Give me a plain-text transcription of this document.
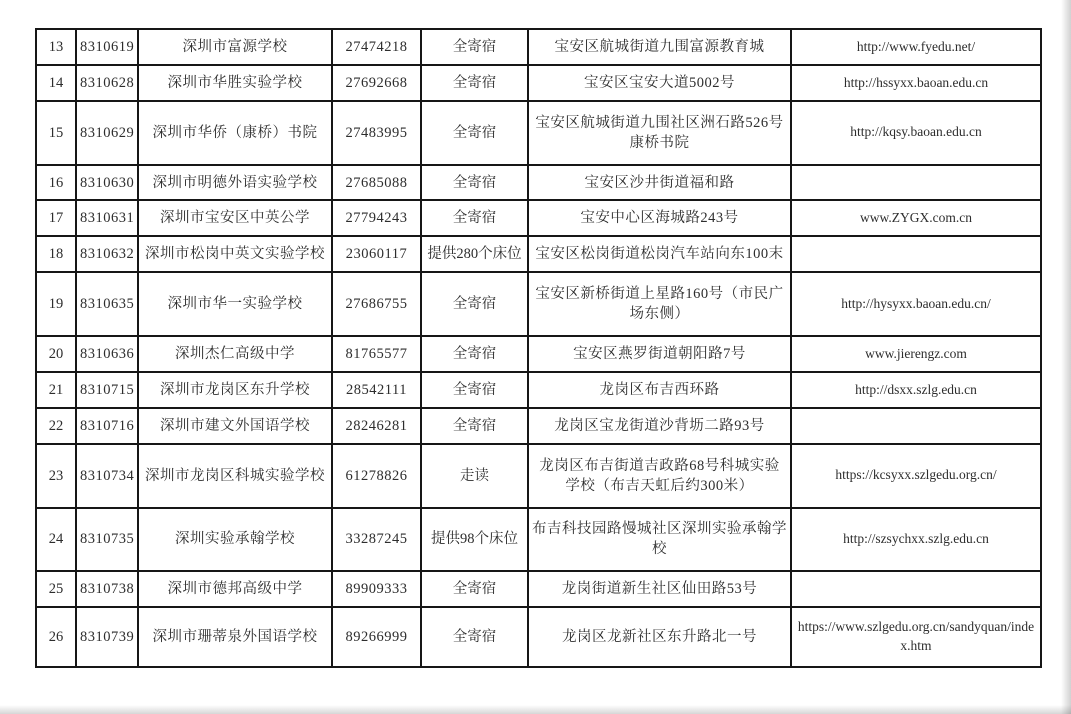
13	8310619	深圳市富源学校	27474218	全寄宿	宝安区航城街道九围富源教育城	http://www.fyedu.net/
14	8310628	深圳市华胜实验学校	27692668	全寄宿	宝安区宝安大道5002号	http://hssyxx.baoan.edu.cn
15	8310629	深圳市华侨（康桥）书院	27483995	全寄宿	宝安区航城街道九围社区洲石路526号康桥书院	http://kqsy.baoan.edu.cn
16	8310630	深圳市明德外语实验学校	27685088	全寄宿	宝安区沙井街道福和路	
17	8310631	深圳市宝安区中英公学	27794243	全寄宿	宝安中心区海城路243号	www.ZYGX.com.cn
18	8310632	深圳市松岗中英文实验学校	23060117	提供280个床位	宝安区松岗街道松岗汽车站向东100末	
19	8310635	深圳市华一实验学校	27686755	全寄宿	宝安区新桥街道上星路160号（市民广场东侧）	http://hysyxx.baoan.edu.cn/
20	8310636	深圳杰仁高级中学	81765577	全寄宿	宝安区燕罗街道朝阳路7号	www.jierengz.com
21	8310715	深圳市龙岗区东升学校	28542111	全寄宿	龙岗区布吉西环路	http://dsxx.szlg.edu.cn
22	8310716	深圳市建文外国语学校	28246281	全寄宿	龙岗区宝龙街道沙背坜二路93号	
23	8310734	深圳市龙岗区科城实验学校	61278826	走读	龙岗区布吉街道吉政路68号科城实验学校（布吉天虹后约300米）	https://kcsyxx.szlgedu.org.cn/
24	8310735	深圳实验承翰学校	33287245	提供98个床位	布吉科技园路慢城社区深圳实验承翰学校	http://szsychxx.szlg.edu.cn
25	8310738	深圳市德邦高级中学	89909333	全寄宿	龙岗街道新生社区仙田路53号	
26	8310739	深圳市珊蒂泉外国语学校	89266999	全寄宿	龙岗区龙新社区东升路北一号	https://www.szlgedu.org.cn/sandyquan/index.htm
